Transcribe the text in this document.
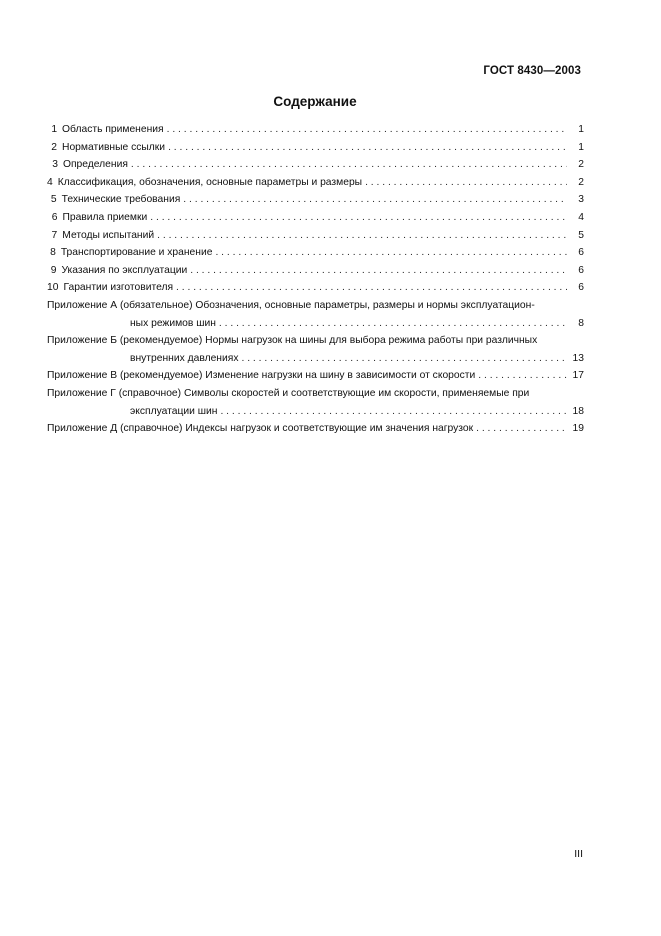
ГОСТ 8430—2003
Содержание
1 Область применения . . .	1
2 Нормативные ссылки . . .	1
3 Определения . . .	2
4 Классификация, обозначения, основные параметры и размеры . . .	2
5 Технические требования . . .	3
6 Правила приемки . . .	4
7 Методы испытаний . . .	5
8 Транспортирование и хранение . . .	6
9 Указания по эксплуатации . . .	6
10 Гарантии изготовителя . . .	6
Приложение А (обязательное) Обозначения, основные параметры, размеры и нормы эксплуатацион-
ных режимов шин . . .	8
Приложение Б (рекомендуемое) Нормы нагрузок на шины для выбора режима работы при различных
внутренних давлениях . . .	13
Приложение В (рекомендуемое) Изменение нагрузки на шину в зависимости от скорости . . .	17
Приложение Г (справочное) Символы скоростей и соответствующие им скорости, применяемые при
эксплуатации шин . . .	18
Приложение Д (справочное) Индексы нагрузок и соответствующие им значения нагрузок . . .	19
III
